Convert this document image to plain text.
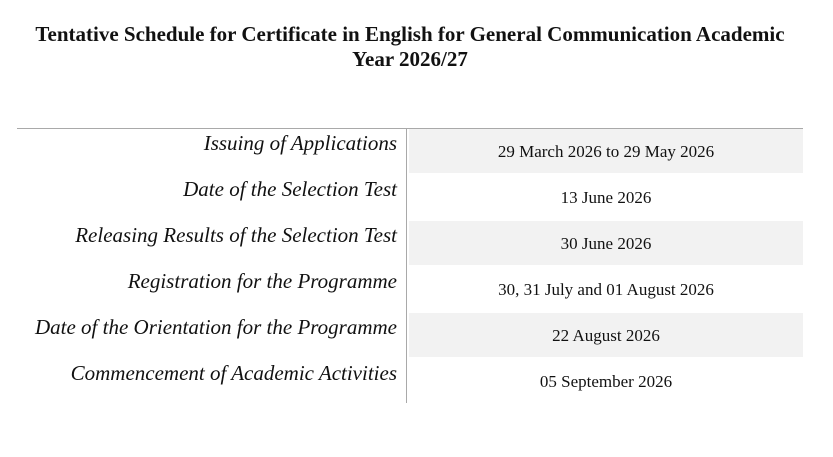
Tentative Schedule for Certificate in English for General Communication Academic Year 2026/27
Issuing of Applications	29 March 2026 to 29 May 2026
Date of the Selection Test	13 June 2026
Releasing Results of the Selection Test	30 June 2026
Registration for the Programme	30, 31 July and 01 August 2026
Date of the Orientation for the Programme	22 August 2026
Commencement of Academic Activities	05 September 2026
